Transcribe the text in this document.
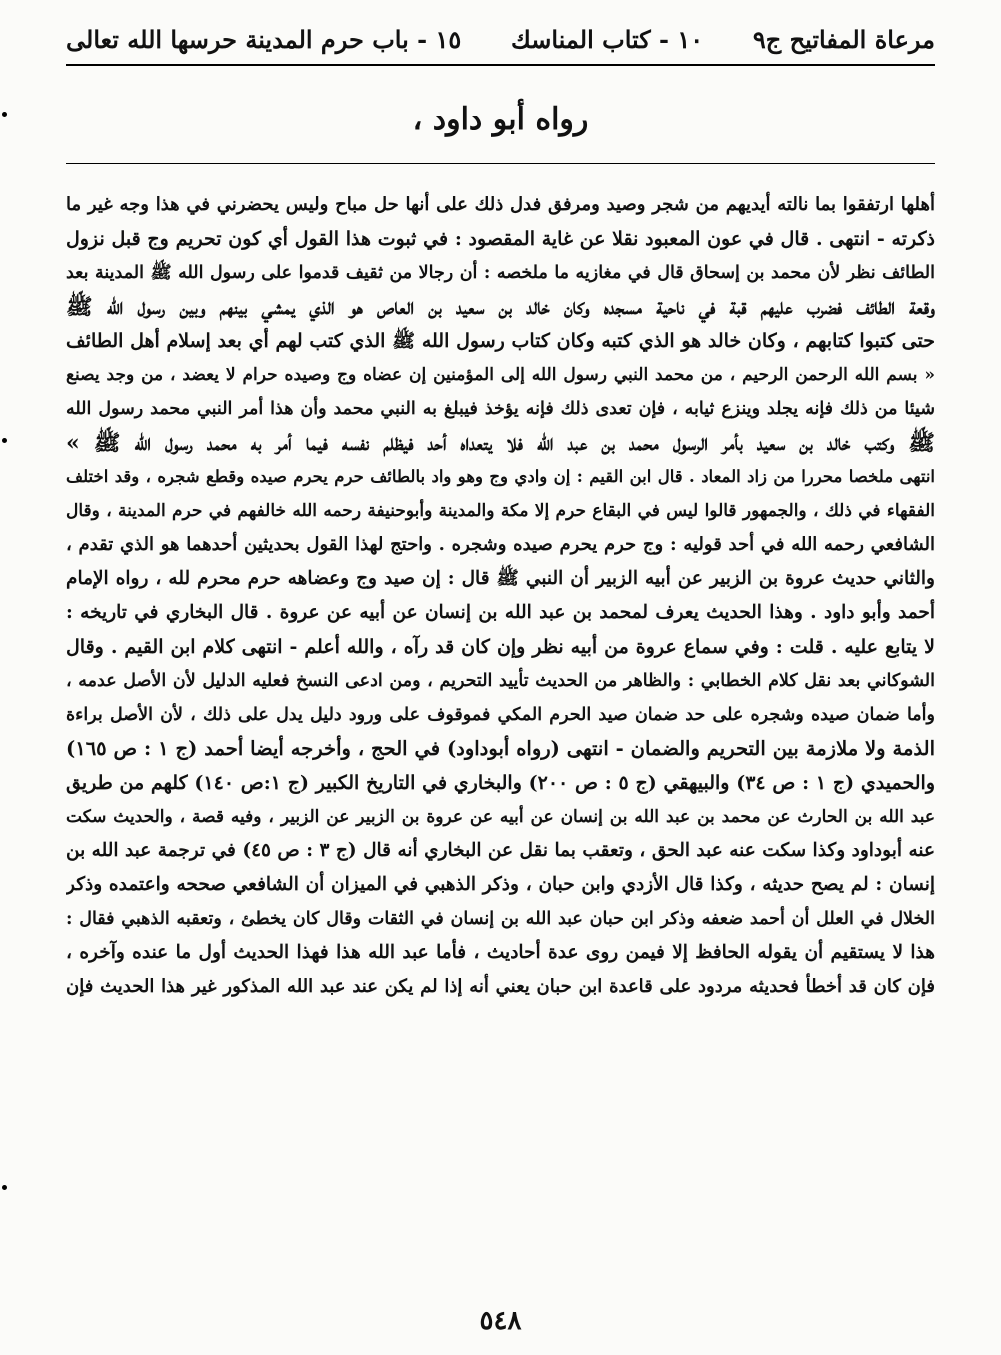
مرعاة المفاتيح ج٩
١٠ - كتاب المناسك
١٥ - باب حرم المدينة حرسها الله تعالى
رواه أبو داود ،
أهلها ارتفقوا بما نالته أيديهم من شجر وصيد ومرفق فدل ذلك على أنها حل مباح وليس يحضرني في هذا وجه غير ما
ذكرته - انتهى . قال في عون المعبود نقلا عن غاية المقصود : في ثبوت هذا القول أي كون تحريم وج قبل نزول
الطائف نظر لأن محمد بن إسحاق قال في مغازيه ما ملخصه : أن رجالا من ثقيف قدموا على رسول الله ﷺ المدينة بعد
وقعة الطائف فضرب عليهم قبة في ناحية مسجده وكان خالد بن سعيد بن العاص هو الذي يمشي بينهم وبين رسول الله ﷺ
حتى كتبوا كتابهم ، وكان خالد هو الذي كتبه وكان كتاب رسول الله ﷺ الذي كتب لهم أي بعد إسلام أهل الطائف
« بسم الله الرحمن الرحيم ، من محمد النبي رسول الله إلى المؤمنين إن عضاه وج وصيده حرام لا يعضد ، من وجد يصنع
شيئا من ذلك فإنه يجلد وينزع ثيابه ، فإن تعدى ذلك فإنه يؤخذ فيبلغ به النبي محمد وأن هذا أمر النبي محمد رسول الله
ﷺ وكتب خالد بن سعيد بأمر الرسول محمد بن عبد الله فلا يتعداه أحد فيظلم نفسه فيما أمر به محمد رسول الله ﷺ »
انتهى ملخصا محررا من زاد المعاد . قال ابن القيم : إن وادي وج وهو واد بالطائف حرم يحرم صيده وقطع شجره ، وقد اختلف
الفقهاء في ذلك ، والجمهور قالوا ليس في البقاع حرم إلا مكة والمدينة وأبوحنيفة رحمه الله خالفهم في حرم المدينة ، وقال
الشافعي رحمه الله في أحد قوليه : وج حرم يحرم صيده وشجره . واحتج لهذا القول بحديثين أحدهما هو الذي تقدم ،
والثاني حديث عروة بن الزبير عن أبيه الزبير أن النبي ﷺ قال : إن صيد وج وعضاهه حرم محرم لله ، رواه الإمام
أحمد وأبو داود . وهذا الحديث يعرف لمحمد بن عبد الله بن إنسان عن أبيه عن عروة . قال البخاري في تاريخه :
لا يتابع عليه . قلت : وفي سماع عروة من أبيه نظر وإن كان قد رآه ، والله أعلم - انتهى كلام ابن القيم . وقال
الشوكاني بعد نقل كلام الخطابي : والظاهر من الحديث تأييد التحريم ، ومن ادعى النسخ فعليه الدليل لأن الأصل عدمه ،
وأما ضمان صيده وشجره على حد ضمان صيد الحرم المكي فموقوف على ورود دليل يدل على ذلك ، لأن الأصل براءة
الذمة ولا ملازمة بين التحريم والضمان - انتهى (رواه أبوداود) في الحج ، وأخرجه أيضا أحمد (ج ١ : ص ١٦٥)
والحميدي (ج ١ : ص ٣٤) والبيهقي (ج ٥ : ص ٢٠٠) والبخاري في التاريخ الكبير (ج ١:ص ١٤٠) كلهم من طريق
عبد الله بن الحارث عن محمد بن عبد الله بن إنسان عن أبيه عن عروة بن الزبير عن الزبير ، وفيه قصة ، والحديث سكت
عنه أبوداود وكذا سكت عنه عبد الحق ، وتعقب بما نقل عن البخاري أنه قال (ج ٣ : ص ٤٥) في ترجمة عبد الله بن
إنسان : لم يصح حديثه ، وكذا قال الأزدي وابن حبان ، وذكر الذهبي في الميزان أن الشافعي صححه واعتمده وذكر
الخلال في العلل أن أحمد ضعفه وذكر ابن حبان عبد الله بن إنسان في الثقات وقال كان يخطئ ، وتعقبه الذهبي فقال :
هذا لا يستقيم أن يقوله الحافظ إلا فيمن روى عدة أحاديث ، فأما عبد الله هذا فهذا الحديث أول ما عنده وآخره ،
فإن كان قد أخطأ فحديثه مردود على قاعدة ابن حبان يعني أنه إذا لم يكن عند عبد الله المذكور غير هذا الحديث فإن
٥٤٨
